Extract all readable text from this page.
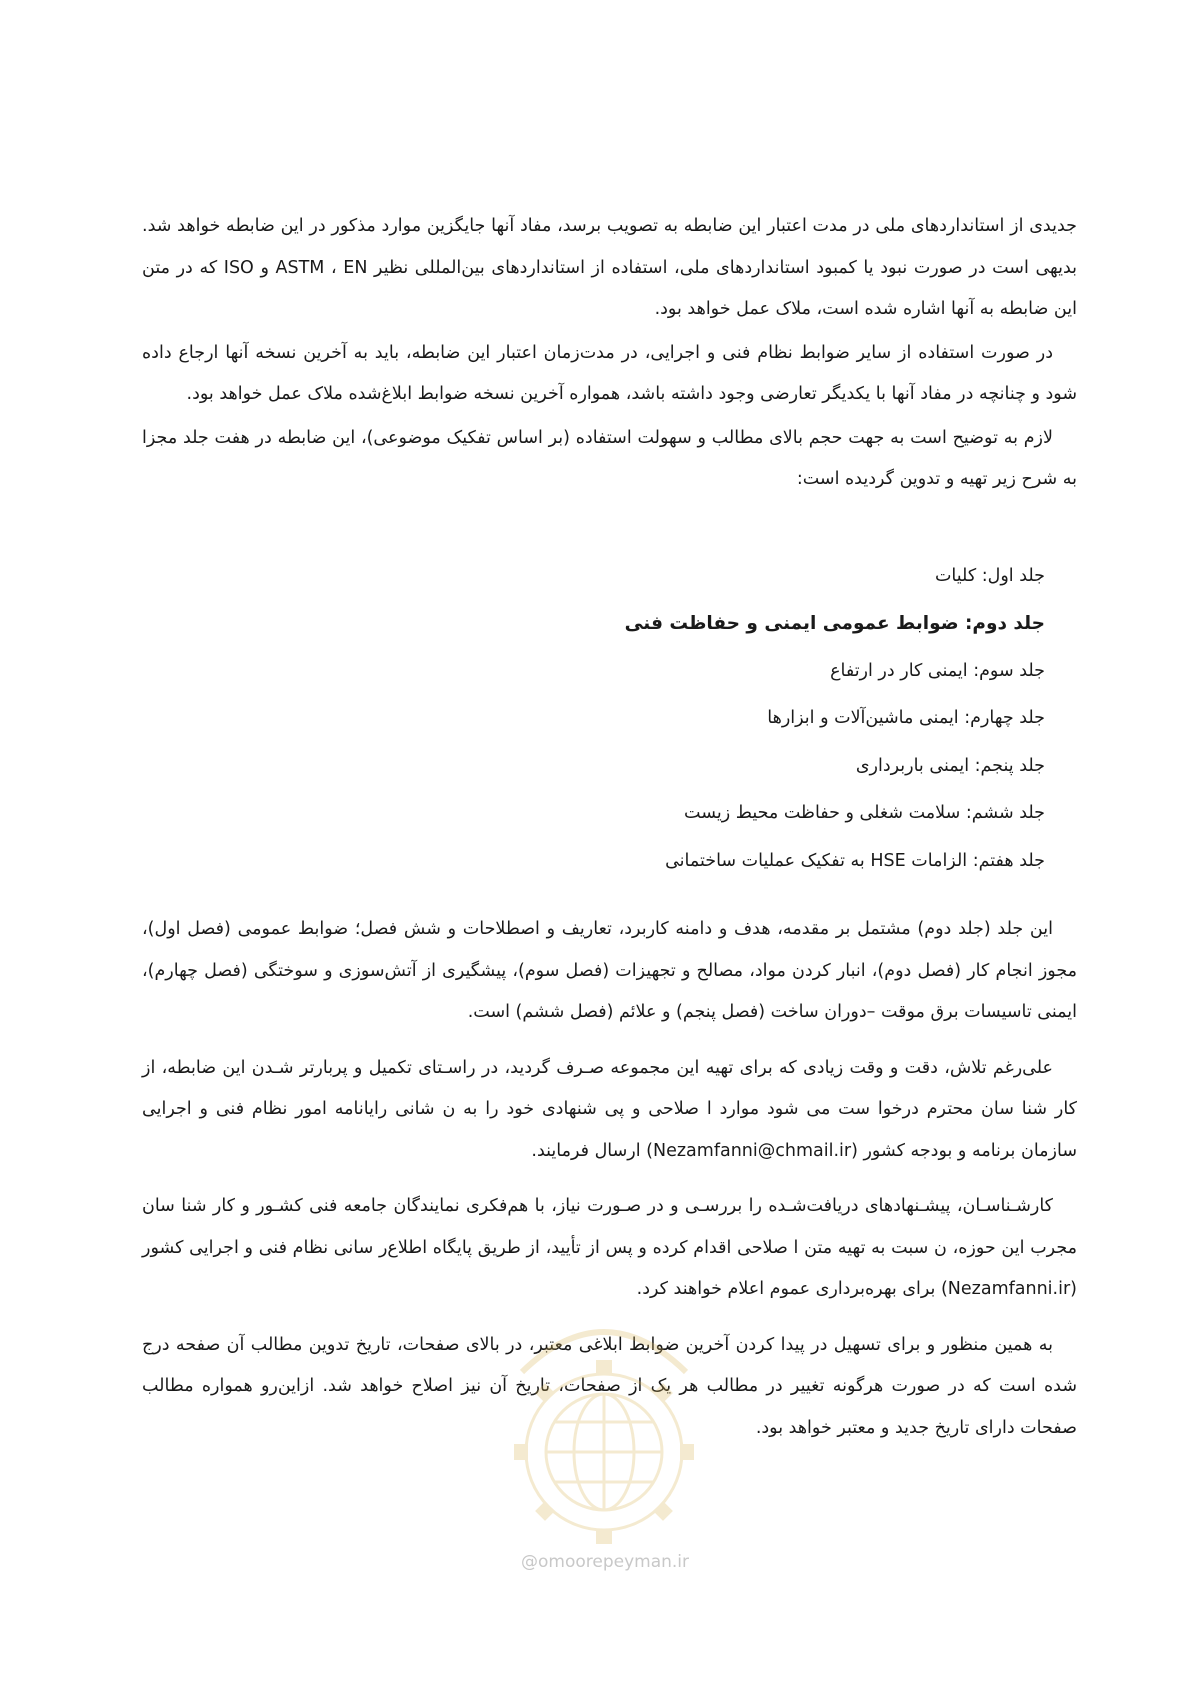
جدیدی از استانداردهای ملی در مدت اعتبار این ضابطه به تصویب برسد، مفاد آنها جایگزین موارد مذکور در این ضابطه خواهد شد. بدیهی است در صورت نبود یا کمبود استانداردهای ملی، استفاده از استانداردهای بین‌المللی نظیر ASTM ، EN و ISO که در متن این ضابطه به آنها اشاره شده است، ملاک عمل خواهد بود.

در صورت استفاده از سایر ضوابط نظام فنی و اجرایی، در مدت‌زمان اعتبار این ضابطه، باید به آخرین نسخه آنها ارجاع داده شود و چنانچه در مفاد آنها با یکدیگر تعارضی وجود داشته باشد، همواره آخرین نسخه ضوابط ابلاغ‌شده ملاک عمل خواهد بود.

لازم به توضیح است به جهت حجم بالای مطالب و سهولت استفاده (بر اساس تفکیک موضوعی)، این ضابطه در هفت جلد مجزا به شرح زیر تهیه و تدوین گردیده است:

جلد اول: کلیات
جلد دوم: ضوابط عمومی ایمنی و حفاظت فنی
جلد سوم: ایمنی کار در ارتفاع
جلد چهارم: ایمنی ماشین‌آلات و ابزارها
جلد پنجم: ایمنی باربرداری
جلد ششم: سلامت شغلی و حفاظت محیط زیست
جلد هفتم: الزامات HSE به تفکیک عملیات ساختمانی

این جلد (جلد دوم) مشتمل بر مقدمه، هدف و دامنه کاربرد، تعاریف و اصطلاحات و شش فصل؛ ضوابط عمومی (فصل اول)، مجوز انجام کار (فصل دوم)، انبار کردن مواد، مصالح و تجهیزات (فصل سوم)، پیشگیری از آتش‌سوزی و سوختگی (فصل چهارم)، ایمنی تاسیسات برق موقت –دوران ساخت (فصل پنجم) و علائم (فصل ششم) است.

علی‌رغم تلاش، دقت و وقت زیادی که برای تهیه این مجموعه صـرف گردید، در راسـتای تکمیل و پربارتر شـدن این ضابطه، از کار شنا سان محترم درخوا ست می شود موارد ا صلاحی و پی شنهادی خود را به ن شانی رایانامه امور نظام فنی و اجرایی سازمان برنامه و بودجه کشور (Nezamfanni@chmail.ir) ارسال فرمایند.

کارشـناسـان، پیشـنهادهای دریافت‌شـده را بررسـی و در صـورت نیاز، با هم‌فکری نمایندگان جامعه فنی کشـور و کار شنا سان مجرب این حوزه، ن سبت به تهیه متن ا صلاحی اقدام کرده و پس از تأیید، از طریق پایگاه اطلاع‌ر سانی نظام فنی و اجرایی کشور (Nezamfanni.ir) برای بهره‌برداری عموم اعلام خواهند کرد.

به همین منظور و برای تسهیل در پیدا کردن آخرین ضوابط ابلاغی معتبر، در بالای صفحات، تاریخ تدوین مطالب آن صفحه درج شده است که در صورت هرگونه تغییر در مطالب هر یک از صفحات، تاریخ آن نیز اصلاح خواهد شد. ازاین‌رو همواره مطالب صفحات دارای تاریخ جدید و معتبر خواهد بود.

@omoorepeyman.ir
